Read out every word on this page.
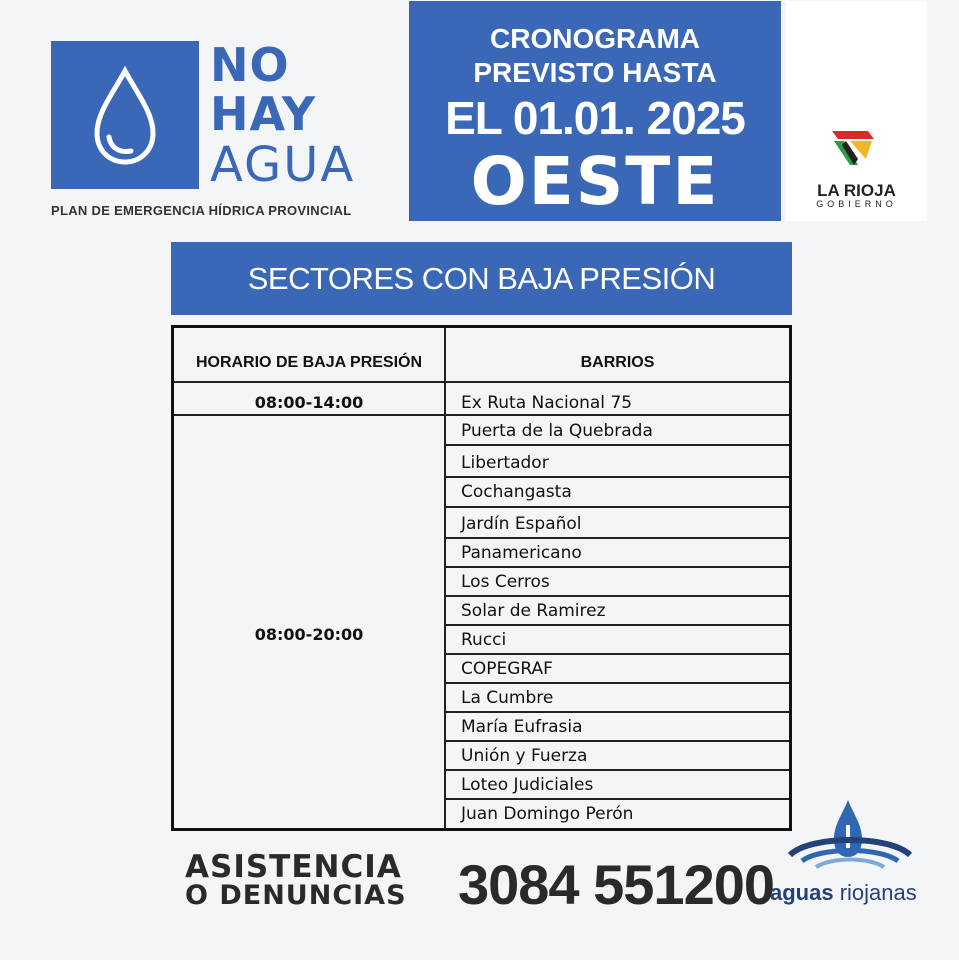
NO
HAY
AGUA
PLAN DE EMERGENCIA HÍDRICA PROVINCIAL
CRONOGRAMA
PREVISTO HASTA
EL 01.01. 2025
OESTE	LA RIOJA
GOBIERNO
SECTORES CON BAJA PRESIÓN
HORARIO DE BAJA PRESIÓN	BARRIOS
08:00-14:00
08:00-20:00
Ex Ruta Nacional 75
Puerta de la Quebrada
Libertador
Cochangasta
Jardín Español
Panamericano
Los Cerros
Solar de Ramirez
Rucci
COPEGRAF
La Cumbre
María Eufrasia
Unión y Fuerza
Loteo Judiciales
Juan Domingo Perón
ASISTENCIA
O DENUNCIAS 3084 551200
aguas riojanas
